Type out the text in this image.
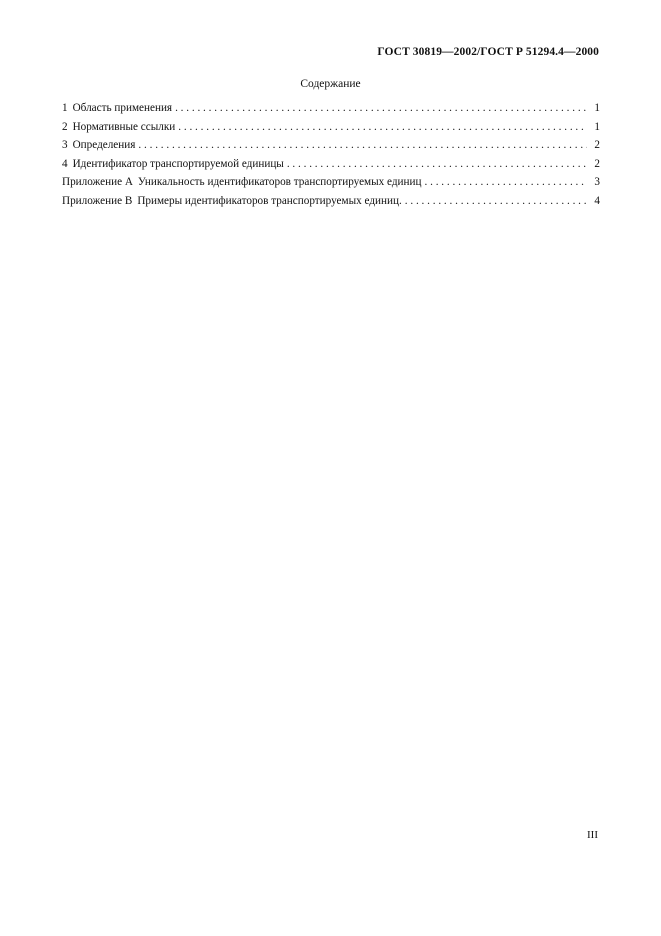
ГОСТ 30819—2002/ГОСТ Р 51294.4—2000
Содержание
1 Область применения . . .	1
2 Нормативные ссылки . . .	1
3 Определения . . .	2
4 Идентификатор транспортируемой единицы . . .	2
Приложение А Уникальность идентификаторов транспортируемых единиц . . .	3
Приложение В Примеры идентификаторов транспортируемых единиц. . . .	4
III
